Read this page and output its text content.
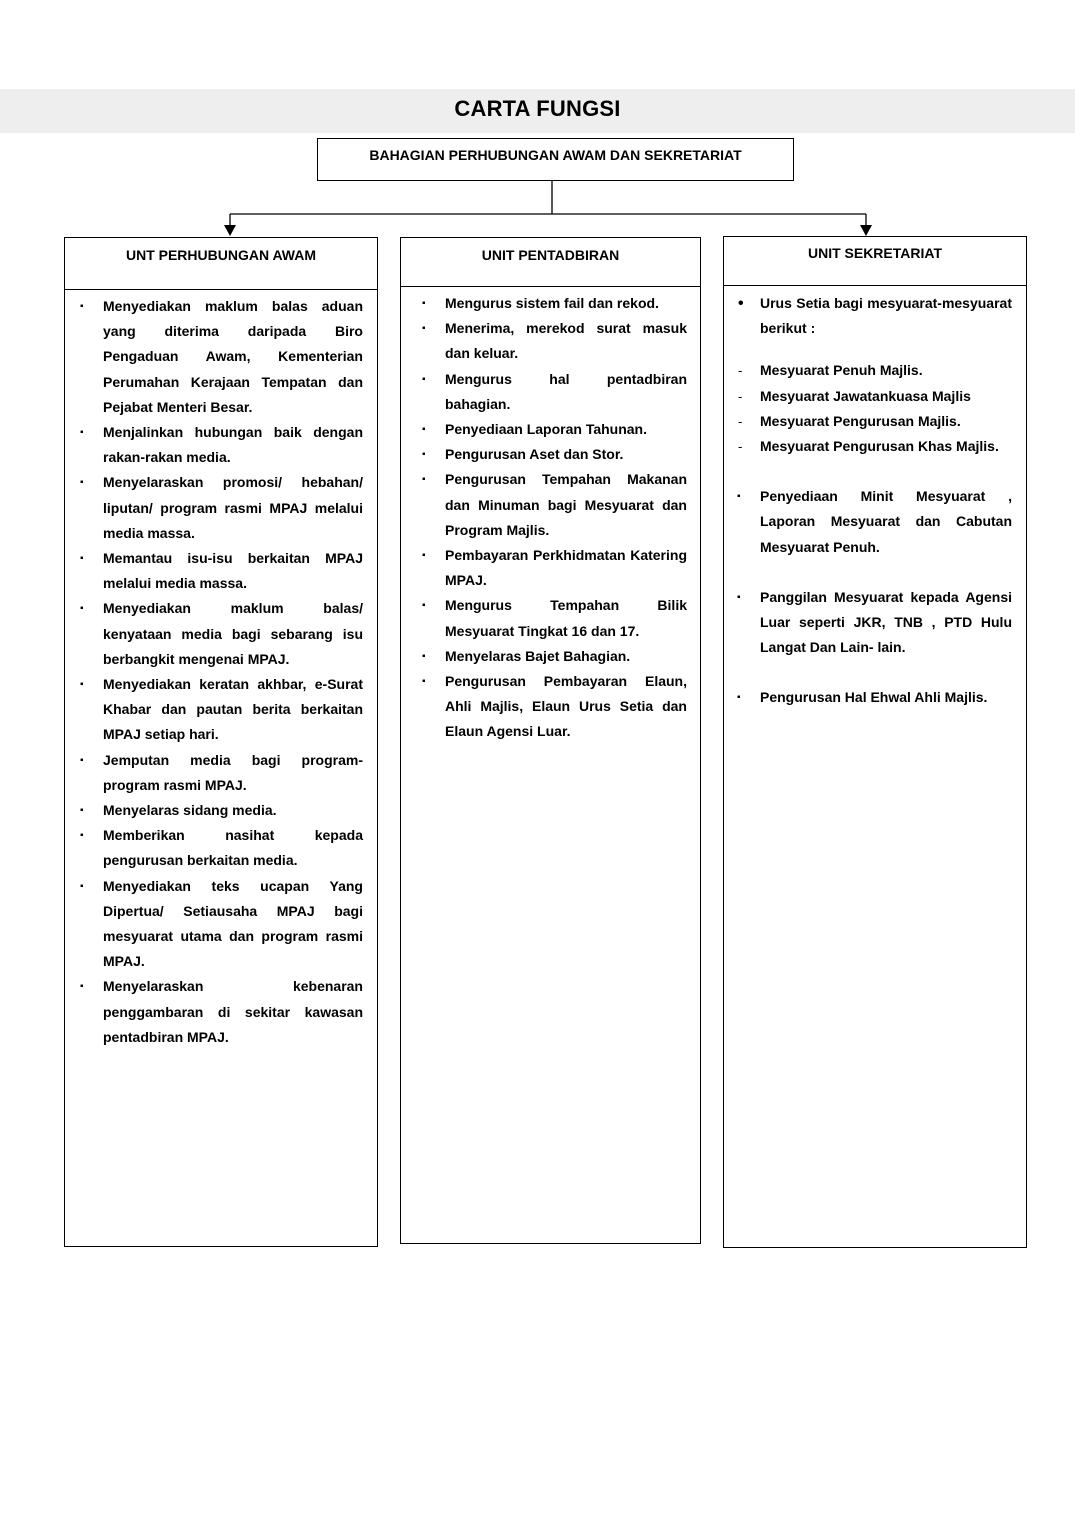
CARTA FUNGSI
BAHAGIAN PERHUBUNGAN AWAM DAN SEKRETARIAT
UNT PERHUBUNGAN AWAM
▪	Menyediakan maklum balas aduan yang diterima daripada Biro Pengaduan Awam, Kementerian Perumahan Kerajaan Tempatan dan Pejabat Menteri Besar.
▪	Menjalinkan hubungan baik dengan rakan-rakan media.
▪	Menyelaraskan promosi/ hebahan/ liputan/ program rasmi MPAJ melalui media massa.
▪	Memantau isu-isu berkaitan MPAJ melalui media massa.
▪	Menyediakan maklum balas/ kenyataan media bagi sebarang isu berbangkit mengenai MPAJ.
▪	Menyediakan keratan akhbar, e-Surat Khabar dan pautan berita berkaitan MPAJ setiap hari.
▪	Jemputan media bagi program-program rasmi MPAJ.
▪	Menyelaras sidang media.
▪	Memberikan nasihat kepada pengurusan berkaitan media.
▪	Menyediakan teks ucapan Yang Dipertua/ Setiausaha MPAJ bagi mesyuarat utama dan program rasmi MPAJ.
▪	Menyelaraskan kebenaran penggambaran di sekitar kawasan pentadbiran MPAJ.
UNIT PENTADBIRAN
▪	Mengurus sistem fail dan rekod.
▪	Menerima, merekod surat masuk dan keluar.
▪	Mengurus hal pentadbiran bahagian.
▪	Penyediaan Laporan Tahunan.
▪	Pengurusan Aset dan Stor.
▪	Pengurusan Tempahan Makanan dan Minuman bagi Mesyuarat dan Program Majlis.
▪	Pembayaran Perkhidmatan Katering MPAJ.
▪	Mengurus Tempahan Bilik Mesyuarat Tingkat 16 dan 17.
▪	Menyelaras Bajet Bahagian.
▪	Pengurusan Pembayaran Elaun, Ahli Majlis, Elaun Urus Setia dan Elaun Agensi Luar.
UNIT SEKRETARIAT
•	Urus Setia bagi mesyuarat-mesyuarat berikut :
-	Mesyuarat Penuh Majlis.
-	Mesyuarat Jawatankuasa Majlis
-	Mesyuarat Pengurusan Majlis.
-	Mesyuarat Pengurusan Khas Majlis.
▪	Penyediaan Minit Mesyuarat , Laporan Mesyuarat dan Cabutan Mesyuarat Penuh.
▪	Panggilan Mesyuarat kepada Agensi Luar seperti JKR, TNB , PTD Hulu Langat Dan Lain- lain.
▪	Pengurusan Hal Ehwal Ahli Majlis.
